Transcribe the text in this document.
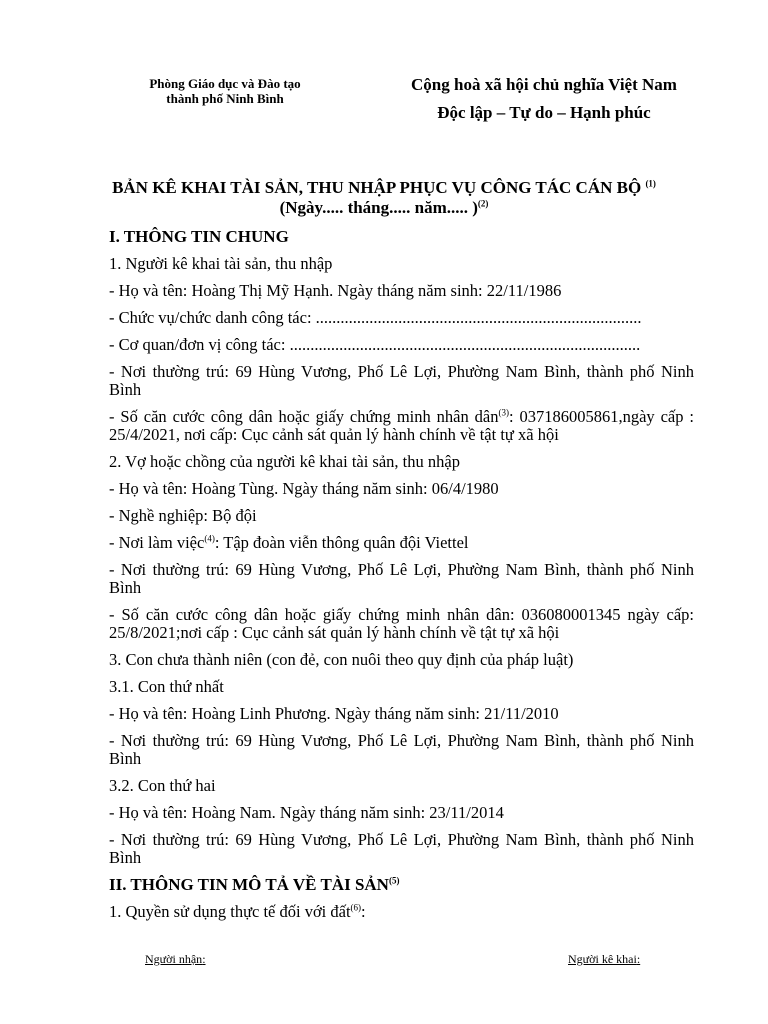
Phòng Giáo dục và Đào tạo
thành phố Ninh Bình
Cộng hoà xã hội chủ nghĩa Việt Nam
Độc lập – Tự do – Hạnh phúc
BẢN KÊ KHAI TÀI SẢN, THU NHẬP PHỤC VỤ CÔNG TÁC CÁN BỘ $^{(1)}$
(Ngày..... tháng..... năm..... )$^{(2)}$
I. THÔNG TIN CHUNG

1. Người kê khai tài sản, thu nhập

- Họ và tên: Hoàng Thị Mỹ Hạnh. Ngày tháng năm sinh: 22/11/1986

- Chức vụ/chức danh công tác: ...............................................................................

- Cơ quan/đơn vị công tác: .....................................................................................

- Nơi thường trú: 69 Hùng Vương, Phố Lê Lợi, Phường Nam Bình, thành phố Ninh Bình

- Số căn cước công dân hoặc giấy chứng minh nhân dân$^{(3)}$: 037186005861,ngày cấp : 25/4/2021, nơi cấp: Cục cảnh sát quản lý hành chính về tật tự xã hội

2. Vợ hoặc chồng của người kê khai tài sản, thu nhập

- Họ và tên: Hoàng Tùng. Ngày tháng năm sinh: 06/4/1980

- Nghề nghiệp: Bộ đội

- Nơi làm việc$^{(4)}$: Tập đoàn viễn thông quân đội Viettel

- Nơi thường trú: 69 Hùng Vương, Phố Lê Lợi, Phường Nam Bình, thành phố Ninh Bình

- Số căn cước công dân hoặc giấy chứng minh nhân dân: 036080001345 ngày cấp: 25/8/2021;nơi cấp : Cục cảnh sát quản lý hành chính về tật tự xã hội

3. Con chưa thành niên (con đẻ, con nuôi theo quy định của pháp luật)

3.1. Con thứ nhất

- Họ và tên: Hoàng Linh Phương. Ngày tháng năm sinh: 21/11/2010

- Nơi thường trú: 69 Hùng Vương, Phố Lê Lợi, Phường Nam Bình, thành phố Ninh Bình

3.2. Con thứ hai

- Họ và tên: Hoàng Nam. Ngày tháng năm sinh: 23/11/2014

- Nơi thường trú: 69 Hùng Vương, Phố Lê Lợi, Phường Nam Bình, thành phố Ninh Bình

II. THÔNG TIN MÔ TẢ VỀ TÀI SẢN$^{(5)}$

1. Quyền sử dụng thực tế đối với đất$^{(6)}$:

Người nhận:	Người kê khai:
